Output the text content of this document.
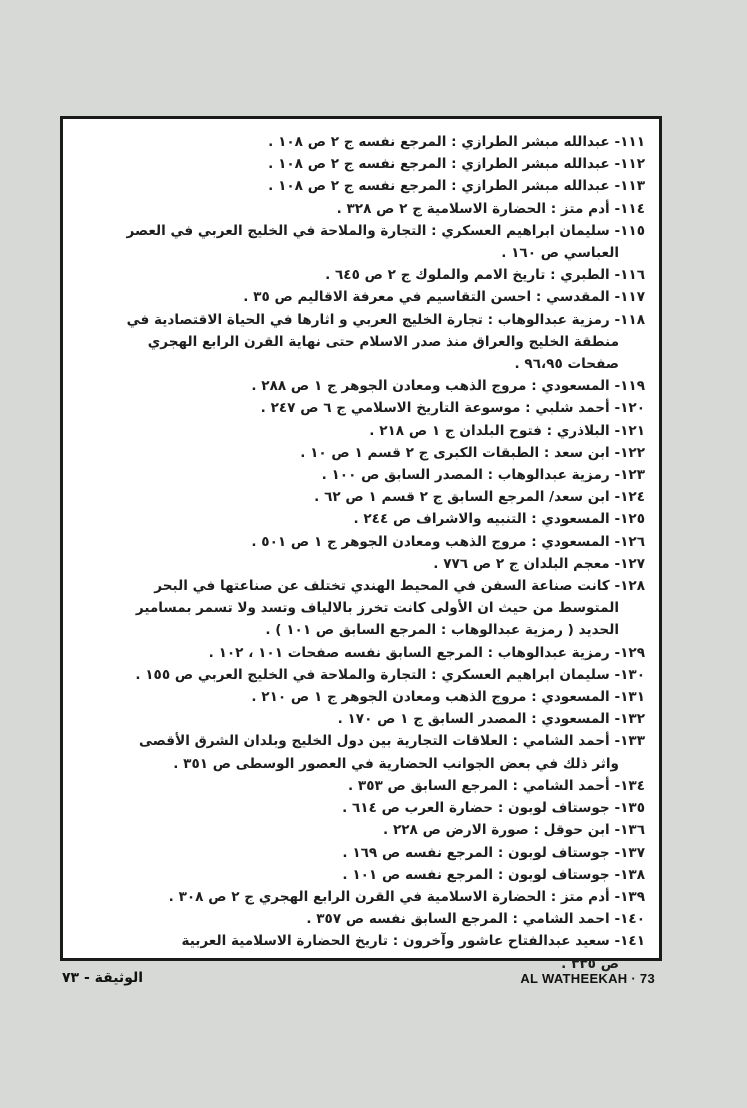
١١١- عبدالله مبشر الطرازي : المرجع نفسه ج ٢ ص ١٠٨ .
١١٢- عبدالله مبشر الطرازي : المرجع نفسه ج ٢ ص ١٠٨ .
١١٣- عبدالله مبشر الطرازي : المرجع نفسه ج ٢ ص ١٠٨ .
١١٤- أدم متز : الحضارة الاسلامية ج ٢ ص ٣٢٨ .
١١٥- سليمان ابراهيم العسكري : التجارة والملاحة في الخليج العربي في العصر
العباسي ص ١٦٠ .
١١٦- الطبري : تاريخ الامم والملوك ج ٢ ص ٦٤٥ .
١١٧- المقدسي : احسن التقاسيم في معرفة الاقاليم ص ٣٥ .
١١٨- رمزية عبدالوهاب : تجارة الخليج العربي و اثارها في الحياة الاقتصادية في
منطقة الخليج والعراق منذ صدر الاسلام حتى نهاية القرن الرابع الهجري
صفحات ٩٦،٩٥ .
١١٩- المسعودي : مروج الذهب ومعادن الجوهر ج ١ ص ٢٨٨ .
١٢٠- أحمد شلبي : موسوعة التاريخ الاسلامي ج ٦ ص ٢٤٧ .
١٢١- البلاذري : فتوح البلدان ج ١ ص ٢١٨ .
١٢٢- ابن سعد : الطبقات الكبرى ج ٢ قسم ١ ص ١٠ .
١٢٣- رمزية عبدالوهاب : المصدر السابق ص ١٠٠ .
١٢٤- ابن سعد/ المرجع السابق ج ٢ قسم ١ ص ٦٢ .
١٢٥- المسعودي : التنبيه والاشراف ص ٢٤٤ .
١٢٦- المسعودي : مروج الذهب ومعادن الجوهر ج ١ ص ٥٠١ .
١٢٧- معجم البلدان ج ٢ ص ٧٧٦ .
١٢٨- كانت صناعة السفن في المحيط الهندي تختلف عن صناعتها في البحر
المتوسط من حيث ان الأولى كانت تخرز بالالياف وتسد ولا تسمر بمسامير
الحديد ( رمزية عبدالوهاب : المرجع السابق ص ١٠١ ) .
١٢٩- رمزية عبدالوهاب : المرجع السابق نفسه صفحات ١٠١ ، ١٠٢ .
١٣٠- سليمان ابراهيم العسكري : التجارة والملاحة في الخليج العربي ص ١٥٥ .
١٣١- المسعودي : مروج الذهب ومعادن الجوهر ج ١ ص ٢١٠ .
١٣٢- المسعودي : المصدر السابق ج ١ ص ١٧٠ .
١٣٣- أحمد الشامي : العلاقات التجارية بين دول الخليج وبلدان الشرق الأقصى
واثر ذلك في بعض الجوانب الحضارية في العصور الوسطى ص ٣٥١ .
١٣٤- أحمد الشامي : المرجع السابق ص ٣٥٣ .
١٣٥- جوستاف لوبون : حضارة العرب ص ٦١٤ .
١٣٦- ابن حوقل : صورة الارض ص ٢٢٨ .
١٣٧- جوستاف لوبون : المرجع نفسه ص ١٦٩ .
١٣٨- جوستاف لوبون : المرجع نفسه ص ١٠١ .
١٣٩- أدم متز : الحضارة الاسلامية في القرن الرابع الهجري ج ٢ ص ٣٠٨ .
١٤٠- احمد الشامي : المرجع السابق نفسه ص ٣٥٧ .
١٤١- سعيد عبدالفتاح عاشور وآخرون : تاريخ الحضارة الاسلامية العربية
ص ٣٣٥ .
الوثيقة - ٧٣	AL WATHEEKAH · 73
